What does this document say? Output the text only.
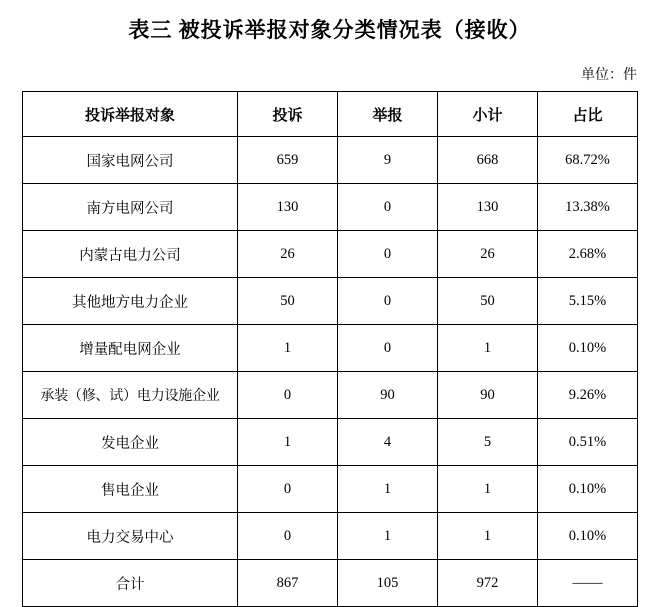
表三 被投诉举报对象分类情况表（接收）
单位：件
投诉举报对象	投诉	举报	小计	占比
国家电网公司	659	9	668	68.72%
南方电网公司	130	0	130	13.38%
内蒙古电力公司	26	0	26	2.68%
其他地方电力企业	50	0	50	5.15%
增量配电网企业	1	0	1	0.10%
承装（修、试）电力设施企业	0	90	90	9.26%
发电企业	1	4	5	0.51%
售电企业	0	1	1	0.10%
电力交易中心	0	1	1	0.10%
合计	867	105	972	——
